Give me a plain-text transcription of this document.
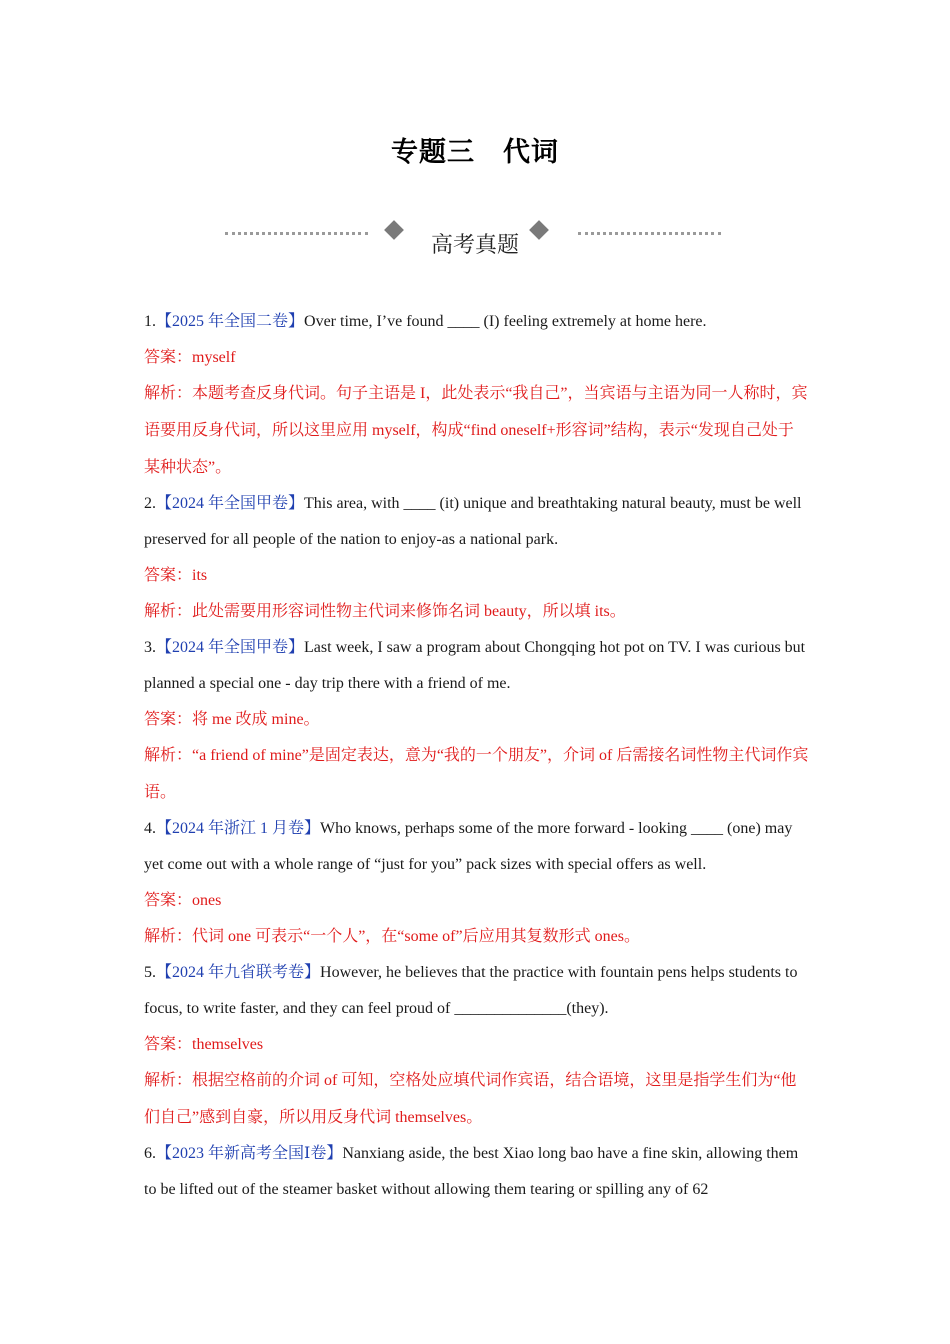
专题三　代词
高考真题

1.【2025 年全国二卷】Over time, I’ve found ____ (I) feeling extremely at home here.

答案：myself

解析：本题考查反身代词。句子主语是 I，此处表示“我自己”，当宾语与主语为同一人称时，宾语要用反身代词，所以这里应用 myself，构成“find oneself+形容词”结构，表示“发现自己处于某种状态”。

2.【2024 年全国甲卷】This area, with ____ (it) unique and breathtaking natural beauty, must be well preserved for all people of the nation to enjoy-as a national park.

答案：its

解析：此处需要用形容词性物主代词来修饰名词 beauty，所以填 its。

3.【2024 年全国甲卷】Last week, I saw a program about Chongqing hot pot on TV. I was curious but planned a special one - day trip there with a friend of me.

答案：将 me 改成 mine。

解析：“a friend of mine”是固定表达，意为“我的一个朋友”，介词 of 后需接名词性物主代词作宾语。

4.【2024 年浙江 1 月卷】Who knows, perhaps some of the more forward - looking ____ (one) may yet come out with a whole range of “just for you” pack sizes with special offers as well.

答案：ones

解析：代词 one 可表示“一个人”，在“some of”后应用其复数形式 ones。

5.【2024 年九省联考卷】However, he believes that the practice with fountain pens helps students to focus, to write faster, and they can feel proud of ______________(they).

答案：themselves

解析：根据空格前的介词 of 可知，空格处应填代词作宾语，结合语境，这里是指学生们为“他们自己”感到自豪，所以用反身代词 themselves。

6.【2023 年新高考全国Ⅰ卷】Nanxiang aside, the best Xiao long bao have a fine skin, allowing them to be lifted out of the steamer basket without allowing them tearing or spilling any of 62
